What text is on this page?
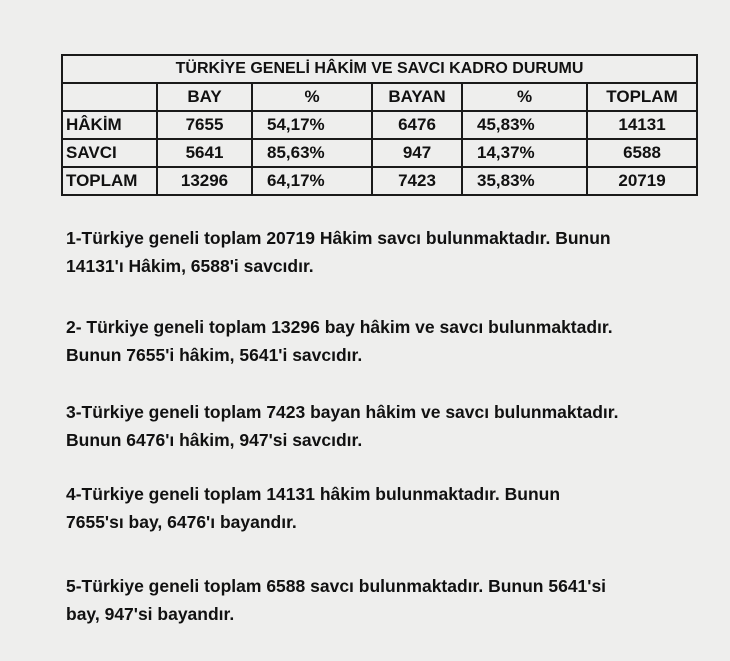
TÜRKİYE GENELİ HÂKİM VE SAVCI KADRO DURUMU					
	BAY	%	BAYAN	%	TOPLAM
HÂKİM	7655	54,17%	6476	45,83%	14131
SAVCI	5641	85,63%	947	14,37%	6588
TOPLAM	13296	64,17%	7423	35,83%	20719
1-Türkiye geneli toplam 20719 Hâkim savcı bulunmaktadır. Bunun
14131'ı Hâkim, 6588'i savcıdır.
2- Türkiye geneli toplam 13296 bay hâkim ve savcı bulunmaktadır.
Bunun 7655'i hâkim, 5641'i savcıdır.
3-Türkiye geneli toplam 7423 bayan hâkim ve savcı bulunmaktadır.
Bunun 6476'ı hâkim, 947'si savcıdır.
4-Türkiye geneli toplam 14131 hâkim bulunmaktadır. Bunun
7655'sı bay, 6476'ı bayandır.
5-Türkiye geneli toplam 6588 savcı bulunmaktadır. Bunun 5641'si
bay, 947'si bayandır.
